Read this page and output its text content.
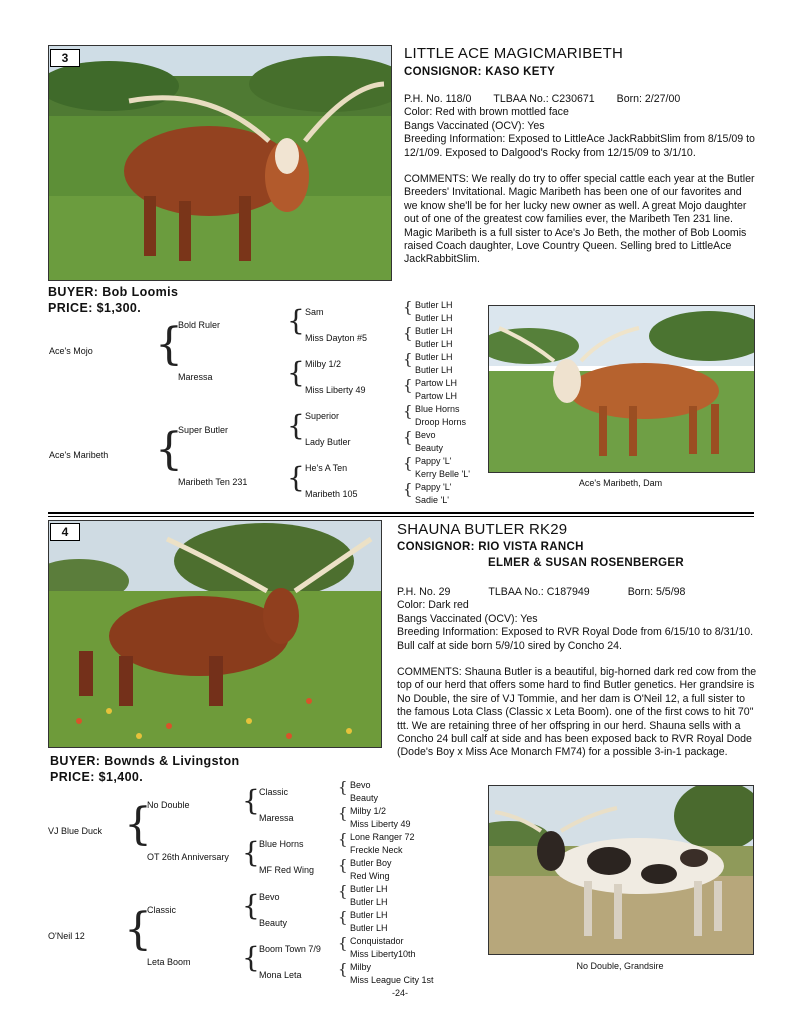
3	LITTLE ACE MAGICMARIBETH
CONSIGNOR: KASO KETY

P.H. No. 118/0 TLBAA No.: C230671 Born: 2/27/00

Color: Red with brown mottled face

Bangs Vaccinated (OCV): Yes

Breeding Information: Exposed to LittleAce JackRabbitSlim from 8/15/09 to 12/1/09. Exposed to Dalgood's Rocky from 12/15/09 to 3/1/10.

COMMENTS: We really do try to offer special cattle each year at the Butler Breeders' Invitational. Magic Maribeth has been one of our favorites and we know she'll be for her lucky new owner as well. A great Mojo daughter out of one of the greatest cow families ever, the Maribeth Ten 231 line. Magic Maribeth is a full sister to Ace's Jo Beth, the mother of Bob Loomis raised Coach daughter, Love Country Queen. Selling bred to LittleAce JackRabbitSlim.

BUYER: Bob Loomis
PRICE: $1,300.
Ace's Mojo
Ace's Maribeth
{
{
Bold Ruler
Maressa
Super Butler
Maribeth Ten 231
{
{
{
{
Sam
Miss Dayton #5
Milby 1/2
Miss Liberty 49
Superior
Lady Butler
He's A Ten
Maribeth 105
{
{
{
{
{
{
{
{
Butler LH
Butler LH
Butler LH
Butler LH
Butler LH
Butler LH
Partow LH
Partow LH
Blue Horns
Droop Horns
Bevo
Beauty
Pappy 'L'
Kerry Belle 'L'
Pappy 'L'
Sadie 'L'
Ace's Maribeth, Dam
4	SHAUNA BUTLER RK29
CONSIGNOR: RIO VISTA RANCH
ELMER & SUSAN ROSENBERGER

P.H. No. 29	TLBAA No.: C187949	Born: 5/5/98

Color: Dark red

Bangs Vaccinated (OCV): Yes

Breeding Information: Exposed to RVR Royal Dode from 6/15/10 to 8/31/10. Bull calf at side born 5/9/10 sired by Concho 24.

COMMENTS: Shauna Butler is a beautiful, big-horned dark red cow from the top of our herd that offers some hard to find Butler genetics. Her grandsire is No Double, the sire of VJ Tommie, and her dam is O'Neil 12, a full sister to the famous Lota Class (Classic x Leta Boom). one of the first cows to hit 70" ttt. We are retaining three of her offspring in our herd. Shauna sells with a Concho 24 bull calf at side and has been exposed back to RVR Royal Dode (Dode's Boy x Miss Ace Monarch FM74) for a possible 3-in-1 package.

BUYER: Bownds & Livingston
PRICE: $1,400.
VJ Blue Duck
O'Neil 12
{
{
No Double
OT 26th Anniversary
Classic
Leta Boom
{
{
{
{
Classic
Maressa
Blue Horns
MF Red Wing
Bevo
Beauty
Boom Town 7/9
Mona Leta
{
{
{
{
{
{
{
{
Bevo
Beauty
Milby 1/2
Miss Liberty 49
Lone Ranger 72
Freckle Neck
Butler Boy
Red Wing
Butler LH
Butler LH
Butler LH
Butler LH
Conquistador
Miss Liberty10th
Milby
Miss League City 1st
No Double, Grandsire
-24-
